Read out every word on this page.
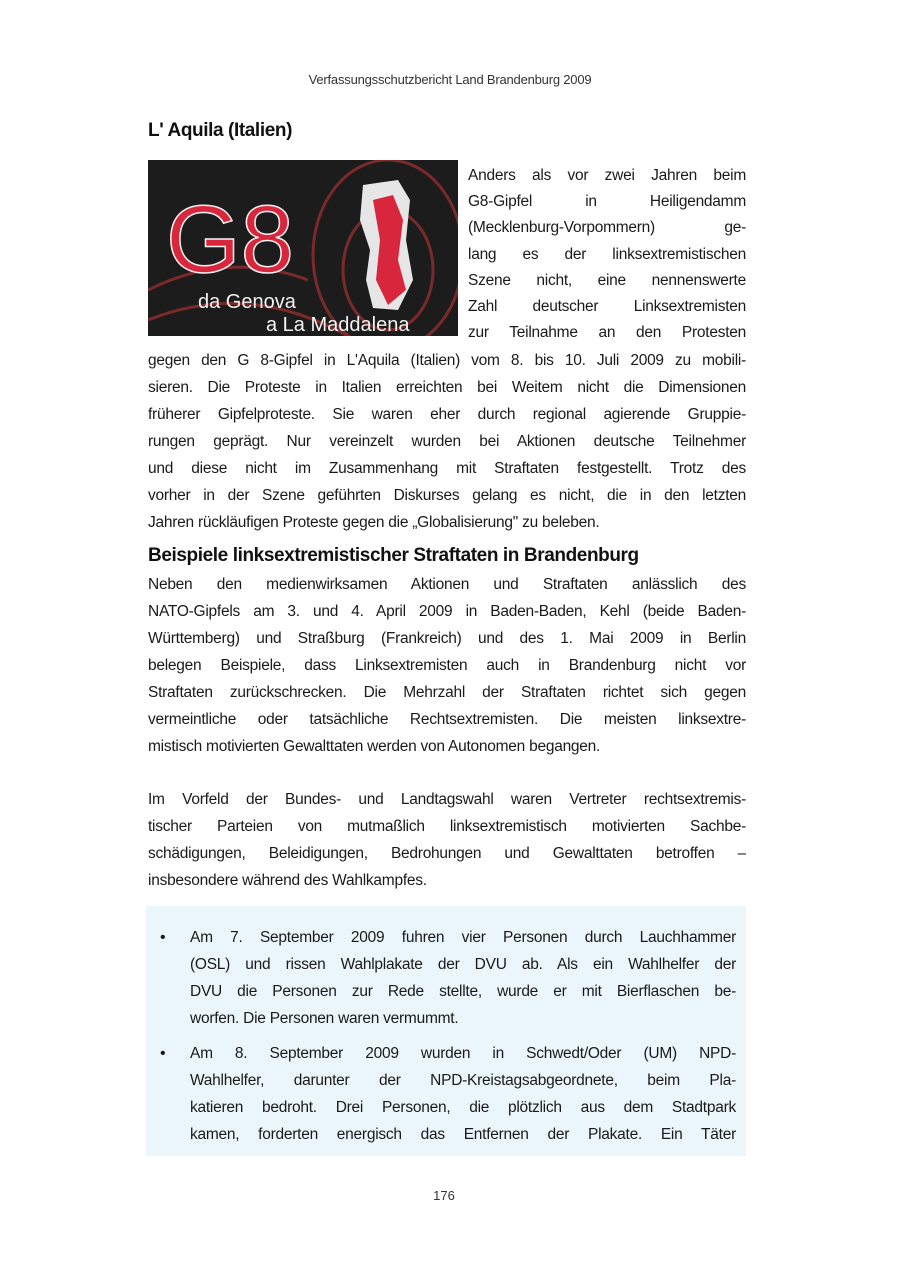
Verfassungsschutzbericht Land Brandenburg 2009
L' Aquila (Italien)
G8
da Genova
a La Maddalena
Anders als vor zwei Jahren beim
G8-Gipfel in Heiligendamm
(Mecklenburg-Vorpommern) ge-
lang es der linksextremistischen
Szene nicht, eine nennenswerte
Zahl deutscher Linksextremisten
zur Teilnahme an den Protesten
gegen den G 8-Gipfel in L'Aquila (Italien) vom 8. bis 10. Juli 2009 zu mobili-
sieren. Die Proteste in Italien erreichten bei Weitem nicht die Dimensionen
früherer Gipfelproteste. Sie waren eher durch regional agierende Gruppie-
rungen geprägt. Nur vereinzelt wurden bei Aktionen deutsche Teilnehmer
und diese nicht im Zusammenhang mit Straftaten festgestellt. Trotz des
vorher in der Szene geführten Diskurses gelang es nicht, die in den letzten
Jahren rückläufigen Proteste gegen die „Globalisierung" zu beleben.
Beispiele linksextremistischer Straftaten in Brandenburg
Neben den medienwirksamen Aktionen und Straftaten anlässlich des
NATO-Gipfels am 3. und 4. April 2009 in Baden-Baden, Kehl (beide Baden-
Württemberg) und Straßburg (Frankreich) und des 1. Mai 2009 in Berlin
belegen Beispiele, dass Linksextremisten auch in Brandenburg nicht vor
Straftaten zurückschrecken. Die Mehrzahl der Straftaten richtet sich gegen
vermeintliche oder tatsächliche Rechtsextremisten. Die meisten linksextre-
mistisch motivierten Gewalttaten werden von Autonomen begangen.
Im Vorfeld der Bundes- und Landtagswahl waren Vertreter rechtsextremis-
tischer Parteien von mutmaßlich linksextremistisch motivierten Sachbe-
schädigungen, Beleidigungen, Bedrohungen und Gewalttaten betroffen –
insbesondere während des Wahlkampfes.
• Am 7. September 2009 fuhren vier Personen durch Lauchhammer
(OSL) und rissen Wahlplakate der DVU ab. Als ein Wahlhelfer der
DVU die Personen zur Rede stellte, wurde er mit Bierflaschen be-
worfen. Die Personen waren vermummt.
• Am 8. September 2009 wurden in Schwedt/Oder (UM) NPD-
Wahlhelfer, darunter der NPD-Kreistagsabgeordnete, beim Pla-
katieren bedroht. Drei Personen, die plötzlich aus dem Stadtpark
kamen, forderten energisch das Entfernen der Plakate. Ein Täter
176
